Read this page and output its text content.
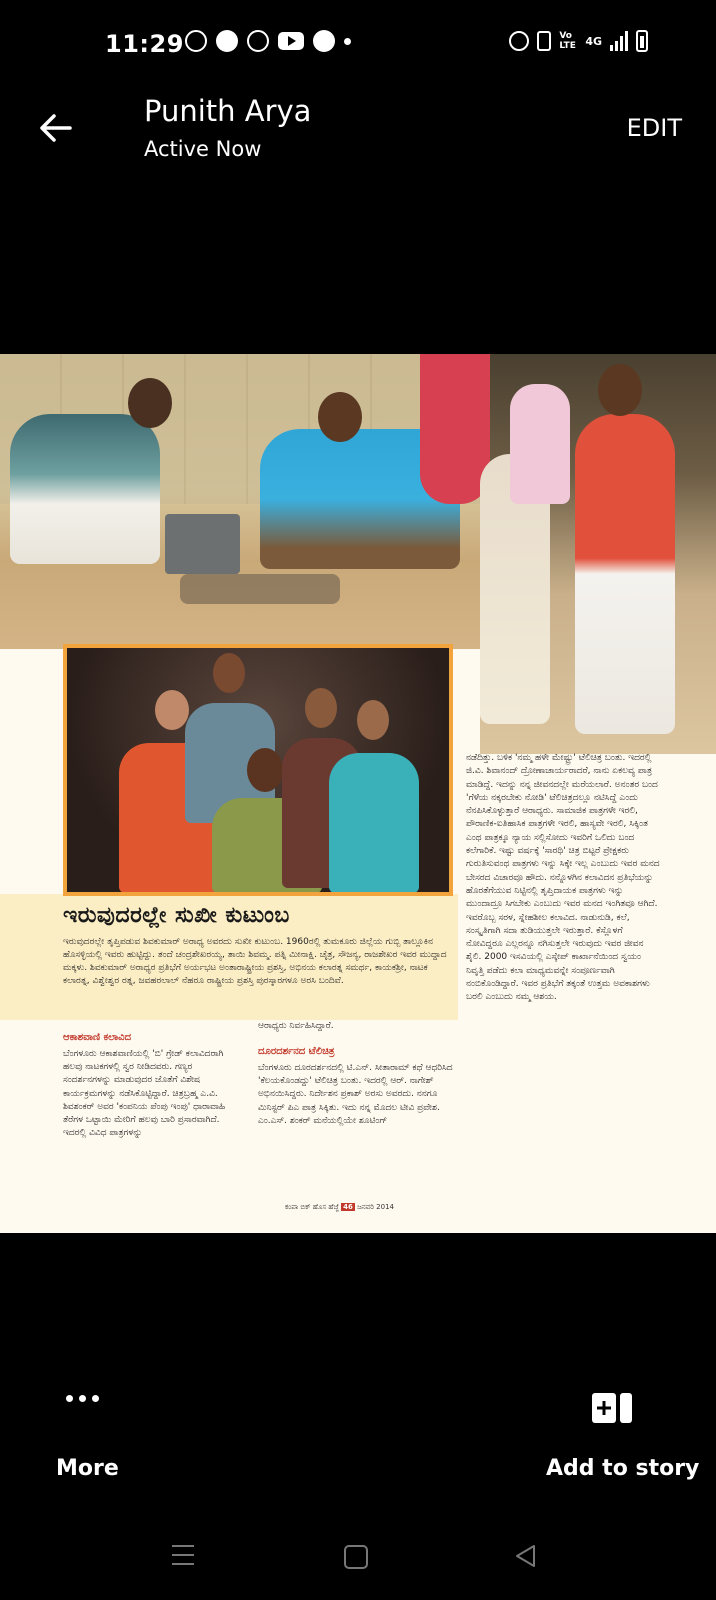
11:29	Vo LTE 4G
Punith Arya
Active Now
EDIT
ಇರುವುದರಲ್ಲೇ ಸುಖೀ ಕುಟುಂಬ
ಇರುವುದರಲ್ಲೇ ತೃಪ್ತಿಪಡುವ ಶಿವಕುಮಾರ್ ಅರಾಧ್ಯ ಅವರದು ಸುಖೀ ಕುಟುಂಬ. 1960ರಲ್ಲಿ ತುಮಕೂರು ಜಿಲ್ಲೆಯ ಗುಬ್ಬಿ ತಾಲ್ಲೂಕಿನ ಹೊಸಳ್ಳಿಯಲ್ಲಿ ಇವರು ಹುಟ್ಟಿದ್ದು. ತಂದೆ ಚಂದ್ರಶೇಖರಯ್ಯ, ತಾಯಿ ಶಿವಮ್ಮ. ಪತ್ನಿ ಮೀನಾಕ್ಷಿ. ಚೈತ್ರ, ಸೌಜನ್ಯ, ರಾಜಶೇಖರ ಇವರ ಮುದ್ದಾದ ಮಕ್ಕಳು. ಶಿವಕುಮಾರ್ ಅರಾಧ್ಯರ ಪ್ರತಿಭೆಗೆ ಅರ್ಯಭಟ ಅಂತಾರಾಷ್ಟ್ರೀಯ ಪ್ರಶಸ್ತಿ, ಅಭಿನಯ ಕಲಾರತ್ನ ಸಮರ್ಥ, ಕಾಯಕಶ್ರೀ, ನಾಟಕ ಕಲಾರತ್ನ, ವಿಶ್ವೇಶ್ವರ ರತ್ನ, ಜವಹರಲಾಲ್ ನೆಹರೂ ರಾಷ್ಟ್ರೀಯ ಪ್ರಶಸ್ತಿ ಪುರಸ್ಕಾರಗಳೂ ಅರಸಿ ಬಂದಿವೆ.
ಆಕಾಶವಾಣಿ ಕಲಾವಿದ
ಬೆಂಗಳೂರು ಆಕಾಶವಾಣಿಯಲ್ಲಿ 'ಬಿ' ಗ್ರೇಡ್ ಕಲಾವಿದರಾಗಿ ಹಲವು ನಾಟಕಗಳಲ್ಲಿ ಸ್ವರ ನೀಡಿದವರು. ಗಣ್ಯರ ಸಂದರ್ಶನಗಳನ್ನು ಮಾಡುವುದರ ಜೊತೆಗೆ ವಿಶೇಷ ಕಾರ್ಯಕ್ರಮಗಳನ್ನು ನಡೆಸಿಕೊಟ್ಟಿದ್ದಾರೆ. ಚಿತ್ರಬ್ರಹ್ಮ ಎ.ವಿ. ಶಿವಶಂಕರ್ ಅವರ 'ಕಂಪನಿಯ ಪೆಂಪು ಇಂಪು' ಧಾರಾವಾಹಿ ತೆರೆಗಳ ಒಟ್ಟಾಯಿ ಮೇರಿಗೆ ಹಲವು ಬಾರಿ ಪ್ರಸಾರವಾಗಿದೆ. ಇದರಲ್ಲಿ ವಿವಿಧ ಪಾತ್ರಗಳನ್ನು
ಆರಾಧ್ಯರು ನಿರ್ವಹಿಸಿದ್ದಾರೆ.
ದೂರದರ್ಶನದ ಟೆಲಿಚಿತ್ರ
ಬೆಂಗಳೂರು ದೂರದರ್ಶನದಲ್ಲಿ ಟಿ.ಎನ್. ಸೀತಾರಾಮ್ ಕಥೆ ಆಧರಿಸಿದ 'ಕೆಲಯಕೊಂಡದ್ದು' ಟೆಲಿಚಿತ್ರ ಬಂತು. ಇದರಲ್ಲಿ ಆರ್. ನಾಗೇಶ್ ಅಭಿನಯಿಸಿದ್ದರು. ನಿರ್ದೇಶನ ಪ್ರಕಾಶ್ ಅರಸು ಅವರದು. ನನಗೂ ಮಿನಿಸ್ಟರ್ ಪಿಎ ಪಾತ್ರ ಸಿಕ್ಕಿತು. ಇದು ನನ್ನ ಮೊದಲ ಟೀವಿ ಪ್ರವೇಶ. ಎಂ.ಎಸ್. ಶಂಕರ್ ಮನೆಯಲ್ಲಿಯೇ ಶೂಟಿಂಗ್
ನಡೆದಿತ್ತು. ಬಳಿಕ 'ನಮ್ಮ ಹಳೇ ಮೇಷ್ಟ್ರು' ಟೆಲಿಚಿತ್ರ ಬಂತು. ಇದರಲ್ಲಿ ಜಿ.ವಿ. ಶಿವಾನಂದ್ ದ್ರೋಣಾಚಾರ್ಯರಾದರೆ, ನಾನು ಏಕಲವ್ಯ ಪಾತ್ರ ಮಾಡಿದ್ದೆ. ಇದನ್ನು ನನ್ನ ಜೀವನದಲ್ಲೇ ಮರೆಯಲಾರೆ. ಅನಂತರ ಬಂದ 'ಗೆಳೆಯ ನಕ್ಕರಬೇಕು ನೋಡಿ' ಟೆಲಿಚಿತ್ರದಲ್ಲೂ ನಟಿಸಿದ್ದೆ ಎಂದು ನೆನಪಿಸಿಕೊಳ್ಳುತ್ತಾರೆ ಆರಾಧ್ಯರು. ಸಾಮಾಜಿಕ ಪಾತ್ರಗಳೇ ಇರಲಿ, ಪೌರಾಣಿಕ-ಐತಿಹಾಸಿಕ ಪಾತ್ರಗಳೇ ಇರಲಿ, ಹಾಸ್ಯವೇ ಇರಲಿ, ಸಿಕ್ಕಿಂತ ಎಂಥ ಪಾತ್ರಕ್ಕೂ ನ್ಯಾಯ ಸಲ್ಲಿಸೋದು ಇವರಿಗೆ ಒಲಿದು ಬಂದ ಕಲೆಗಾರಿಕೆ. ಇಷ್ಟು ವರ್ಷಕ್ಕೆ 'ಸಾರಥಿ' ಚಿತ್ರ ಬಿಟ್ಟರೆ ಪ್ರೇಕ್ಷಕರು ಗುರುತಿಸುವಂಥ ಪಾತ್ರಗಳು ಇನ್ನು ಸಿಕ್ಕೇ ಇಲ್ಲ ಎಂಬುದು ಇವರ ಮನದ ಬೇಸರದ ವಿಚಾರವೂ ಹೌದು. ನನ್ನೊಳಗಿನ ಕಲಾವಿದನ ಪ್ರತಿಭೆಯನ್ನು ಹೊರತೆಗೆಯುವ ನಿಟ್ಟಿನಲ್ಲಿ ತೃಪ್ತಿದಾಯಕ ಪಾತ್ರಗಳು ಇನ್ನು ಮುಂದಾದ್ರೂ ಸಿಗಬೇಕು ಎಂಬುದು ಇವರ ಮನದ ಇಂಗಿತವೂ ಆಗಿದೆ. ಇವರೊಬ್ಬ ಸರಳ, ಸ್ನೇಹಶೀಲ ಕಲಾವಿದ. ನಾಡುನುಡಿ, ಕಲೆ, ಸಂಸ್ಕೃತಿಗಾಗಿ ಸದಾ ತುಡಿಯುತ್ತಲೇ ಇರುತ್ತಾರೆ. ಕೆಸ್ಲೊಳಗೆ ನೋವಿದ್ದರೂ ಎಲ್ಲರನ್ನೂ ನಗಿಸುತ್ತಲೇ ಇರುವುದು ಇವರ ಜೀವನ ಶೈಲಿ. 2000 ಇಸವಿಯಲ್ಲಿ ಎಸ್ಕೇಪ್ ಕಾರ್ಖಾನೆಯಿಂದ ಸ್ವಯಂ ನಿವೃತ್ತಿ ಪಡೆದು ಕಲಾ ಮಾಧ್ಯಮವನ್ನೇ ಸಂಪೂರ್ಣವಾಗಿ ನಂಬಿಕೊಂಡಿದ್ದಾರೆ. ಇವರ ಪ್ರತಿಭೆಗೆ ತಕ್ಕಂತೆ ಉತ್ತಮ ಅವಕಾಶಗಳು ಬರಲಿ ಎಂಬುದು ನಮ್ಮ ಆಶಯ.
ಕಂಪಾ ಬಿಕ್ ಹೊಸ ಹೆಜ್ಜೆ 46 ಜನವರಿ 2014
More	Add to story
